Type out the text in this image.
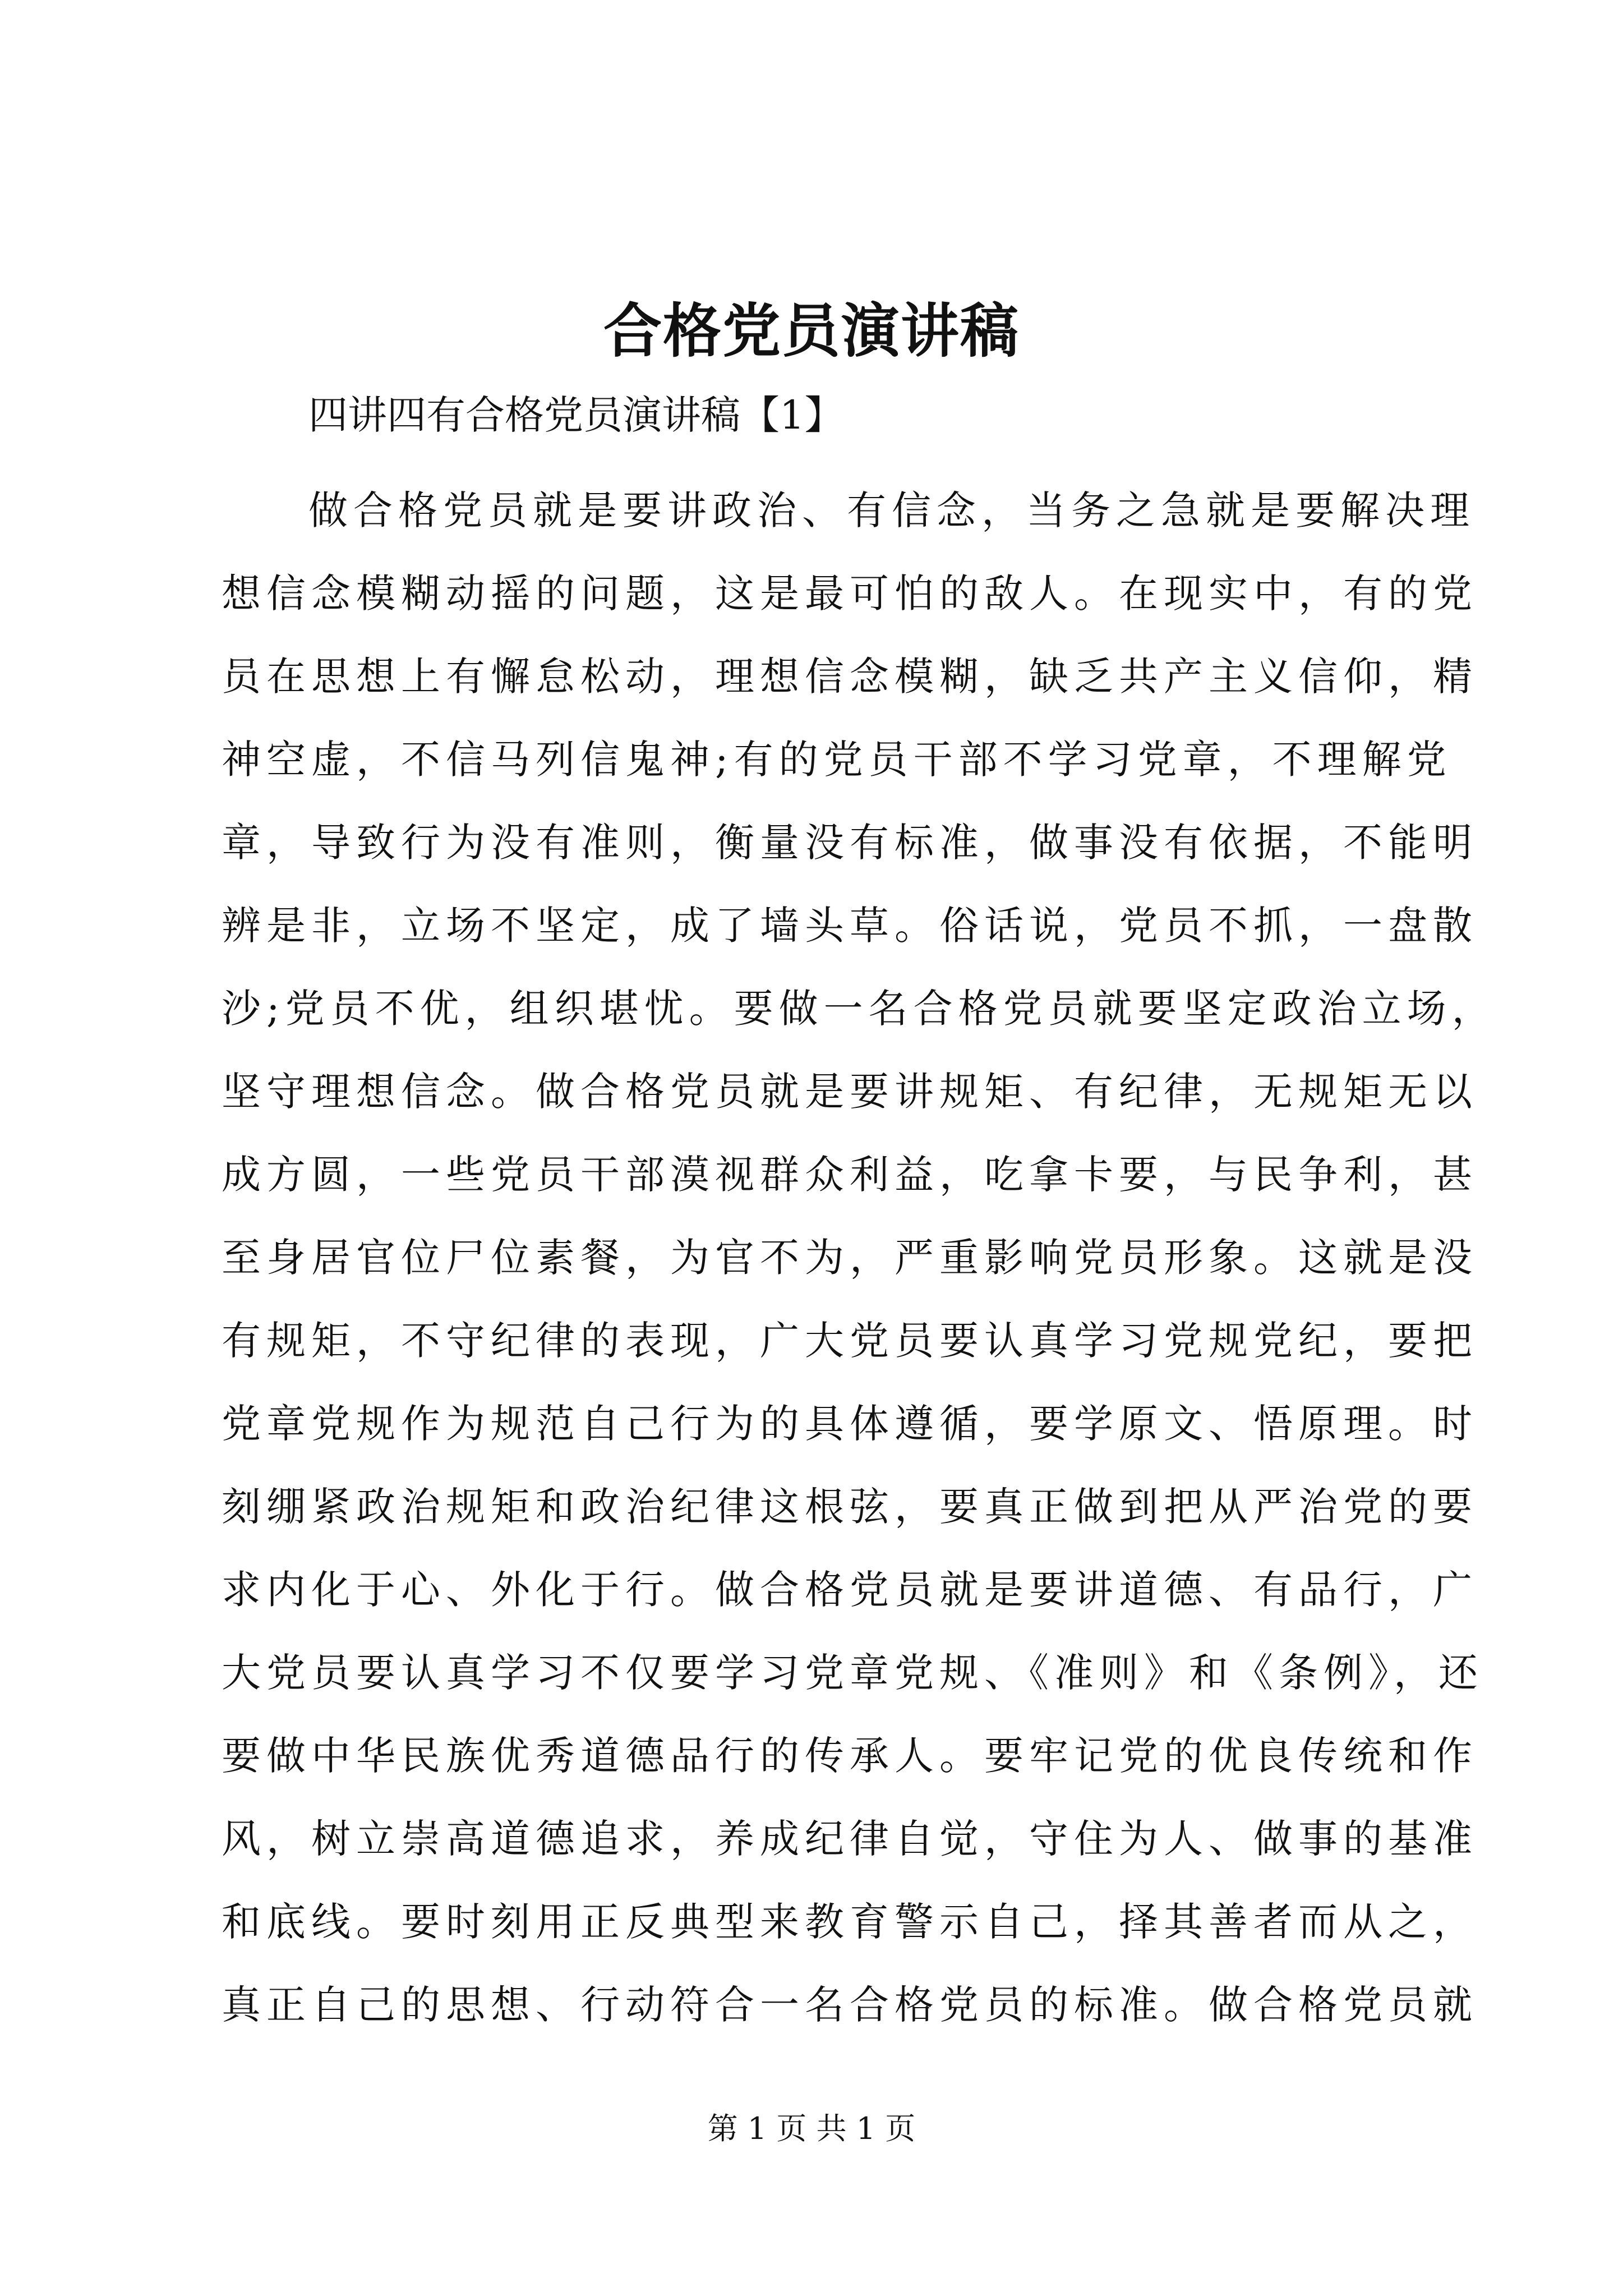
合格党员演讲稿
四讲四有合格党员演讲稿【1】
做合格党员就是要讲政治、有信念，当务之急就是要解决理
想信念模糊动摇的问题，这是最可怕的敌人。在现实中，有的党
员在思想上有懈怠松动，理想信念模糊，缺乏共产主义信仰，精
神空虚，不信马列信鬼神;有的党员干部不学习党章，不理解党
章，导致行为没有准则，衡量没有标准，做事没有依据，不能明
辨是非，立场不坚定，成了墙头草。俗话说，党员不抓，一盘散
沙;党员不优，组织堪忧。要做一名合格党员就要坚定政治立场，
坚守理想信念。做合格党员就是要讲规矩、有纪律，无规矩无以
成方圆，一些党员干部漠视群众利益，吃拿卡要，与民争利，甚
至身居官位尸位素餐，为官不为，严重影响党员形象。这就是没
有规矩，不守纪律的表现，广大党员要认真学习党规党纪，要把
党章党规作为规范自己行为的具体遵循，要学原文、悟原理。时
刻绷紧政治规矩和政治纪律这根弦，要真正做到把从严治党的要
求内化于心、外化于行。做合格党员就是要讲道德、有品行，广
大党员要认真学习不仅要学习党章党规、《准则》和《条例》，还
要做中华民族优秀道德品行的传承人。要牢记党的优良传统和作
风，树立崇高道德追求，养成纪律自觉，守住为人、做事的基准
和底线。要时刻用正反典型来教育警示自己，择其善者而从之，
真正自己的思想、行动符合一名合格党员的标准。做合格党员就
第 1 页 共 1 页
